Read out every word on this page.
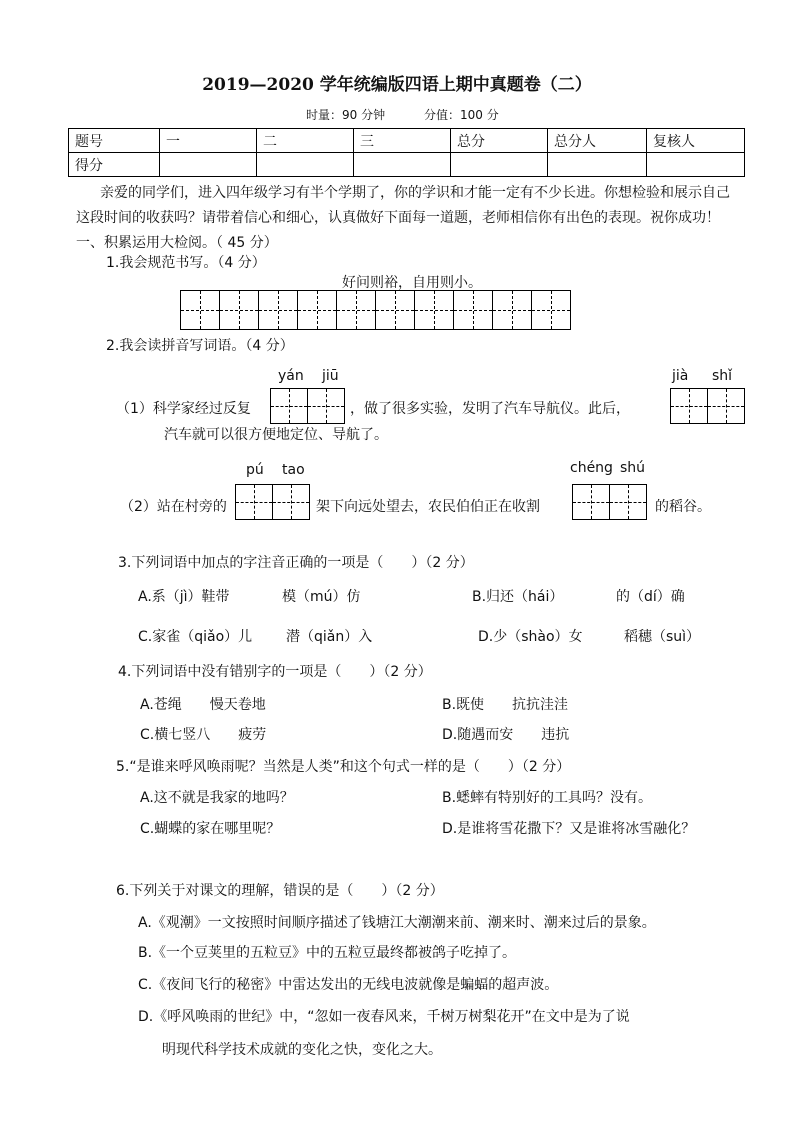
2019—2020 学年统编版四语上期中真题卷（二）
时量：90 分钟	分值：100 分
题号	一	二	三	总分	总分人	复核人
得分						
亲爱的同学们，进入四年级学习有半个学期了，你的学识和才能一定有不少长进。你想检验和展示自己
这段时间的收获吗？请带着信心和细心，认真做好下面每一道题，老师相信你有出色的表现。祝你成功！
一、积累运用大检阅。（ 45 分）
1.我会规范书写。（4 分）
好问则裕，自用则小。
2.我会读拼音写词语。（4 分）
yán jiū	jià shǐ
（1）科学家经过反复	，做了很多实验，发明了汽车导航仪。此后，
汽车就可以很方便地定位、导航了。
pú tao	chéng shú
（2）站在村旁的	架下向远处望去，农民伯伯正在收割	的稻谷。
3.下列词语中加点的字注音正确的一项是（　　）（2 分）
A.系（jì）鞋带	模（mú）仿	B.归还（hái）	的（dí）确
C.家雀（qiǎo）儿 潜（qiǎn）入	D.少（shào）女	稻穗（suì）
4.下列词语中没有错别字的一项是（　　）（2 分）
A.苍绳　　慢天卷地	B.既使　　抗抗洼洼
C.横七竖八　　疲劳	D.随遇而安　　违抗
5.“是谁来呼风唤雨呢？当然是人类”和这个句式一样的是（　　）（2 分）
A.这不就是我家的地吗？	B.蟋蟀有特别好的工具吗？没有。
C.蝴蝶的家在哪里呢？	D.是谁将雪花撒下？又是谁将冰雪融化？
6.下列关于对课文的理解，错误的是（　　）（2 分）
A.《观潮》一文按照时间顺序描述了钱塘江大潮潮来前、潮来时、潮来过后的景象。
B.《一个豆荚里的五粒豆》中的五粒豆最终都被鸽子吃掉了。
C.《夜间飞行的秘密》中雷达发出的无线电波就像是蝙蝠的超声波。
D.《呼风唤雨的世纪》中，“忽如一夜春风来，千树万树梨花开”在文中是为了说
明现代科学技术成就的变化之快，变化之大。
